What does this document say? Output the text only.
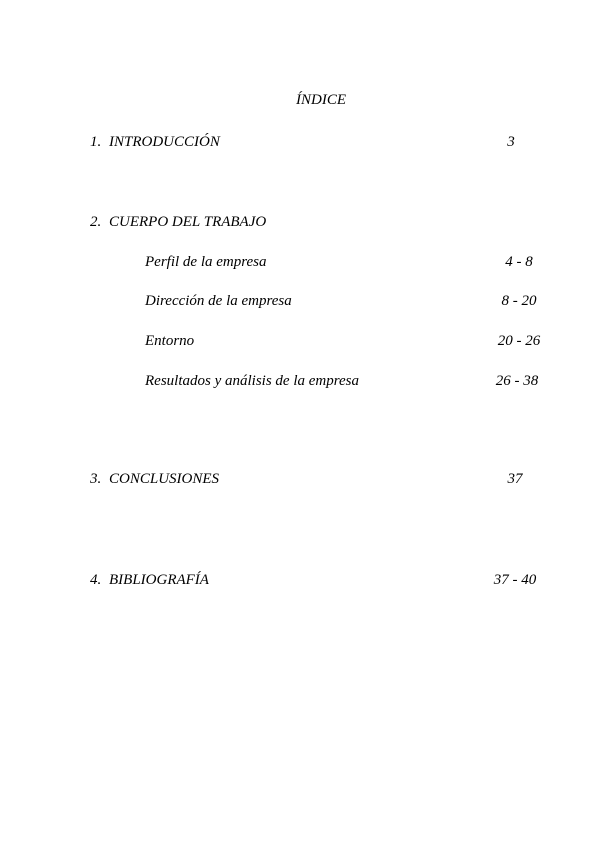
ÍNDICE
1. INTRODUCCIÓN	3
2. CUERPO DEL TRABAJO
Perfil de la empresa	4 - 8
Dirección de la empresa	8 - 20
Entorno	20 - 26
Resultados y análisis de la empresa	26 - 38
3. CONCLUSIONES	37
4. BIBLIOGRAFÍA	37 - 40
